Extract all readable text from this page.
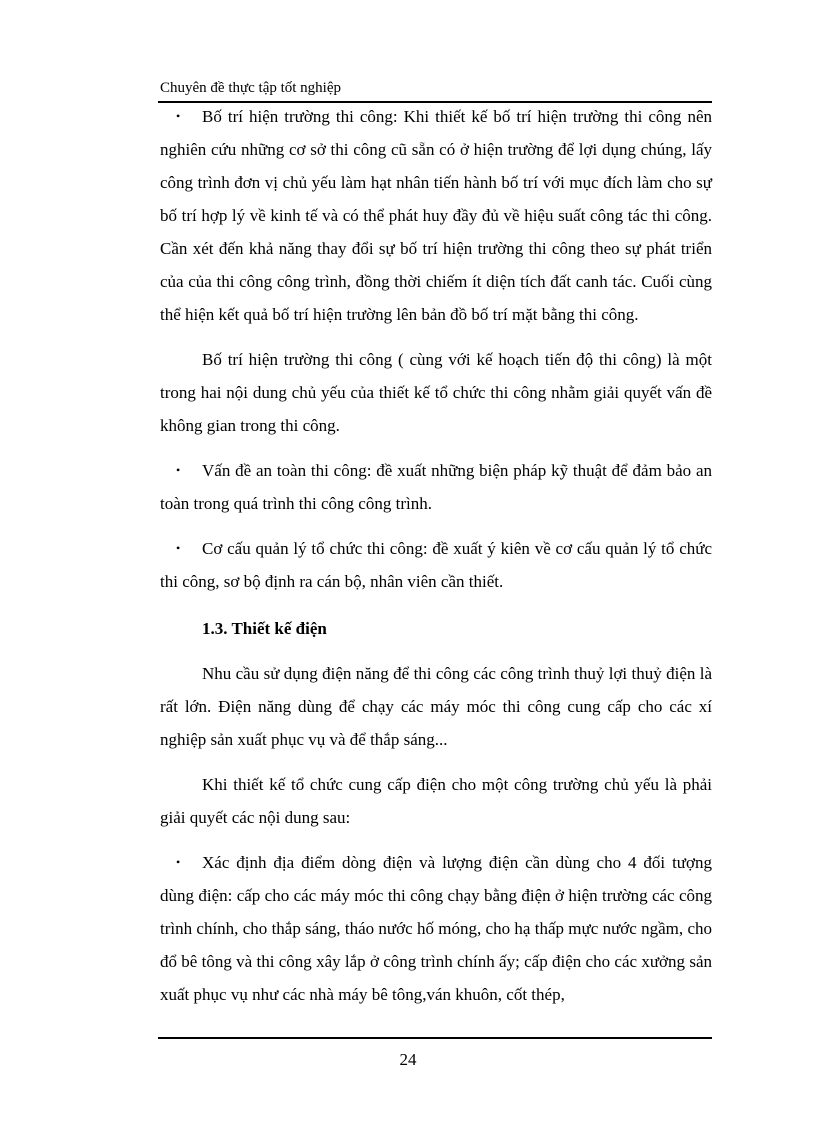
Chuyên đề thực tập tốt nghiệp

• Bố trí hiện trường thi công: Khi thiết kế bố trí hiện trường thi công nên nghiên cứu những cơ sở thi công cũ sẵn có ở hiện trường để lợi dụng chúng, lấy công trình đơn vị chủ yếu làm hạt nhân tiến hành bố trí với mục đích làm cho sự bố trí hợp lý về kinh tế và có thể phát huy đầy đủ về hiệu suất công tác thi công. Cần xét đến khả năng thay đổi sự bố trí hiện trường thi công theo sự phát triển của của thi công công trình, đồng thời chiếm ít diện tích đất canh tác. Cuối cùng thể hiện kết quả bố trí hiện trường lên bản đồ bố trí mặt bằng thi công.

Bố trí hiện trường thi công ( cùng với kế hoạch tiến độ thi công) là một trong hai nội dung chủ yếu của thiết kế tổ chức thi công nhằm giải quyết vấn đề không gian trong thi công.

• Vấn đề an toàn thi công: đề xuất những biện pháp kỹ thuật để đảm bảo an toàn trong quá trình thi công công trình.

• Cơ cấu quản lý tổ chức thi công: đề xuất ý kiên về cơ cấu quản lý tổ chức thi công, sơ bộ định ra cán bộ, nhân viên cần thiết.

1.3. Thiết kế điện

Nhu cầu sử dụng điện năng để thi công các công trình thuỷ lợi thuỷ điện là rất lớn. Điện năng dùng để chạy các máy móc thi công cung cấp cho các xí nghiệp sản xuất phục vụ và để thắp sáng...

Khi thiết kế tổ chức cung cấp điện cho một công trường chủ yếu là phải giải quyết các nội dung sau:

• Xác định địa điểm dòng điện và lượng điện cần dùng cho 4 đối tượng dùng điện: cấp cho các máy móc thi công chạy bằng điện ở hiện trường các công trình chính, cho thắp sáng, tháo nước hố móng, cho hạ thấp mực nước ngầm, cho đổ bê tông và thi công xây lắp ở công trình chính ấy; cấp điện cho các xưởng sản xuất phục vụ như các nhà máy bê tông,ván khuôn, cốt thép,

24
